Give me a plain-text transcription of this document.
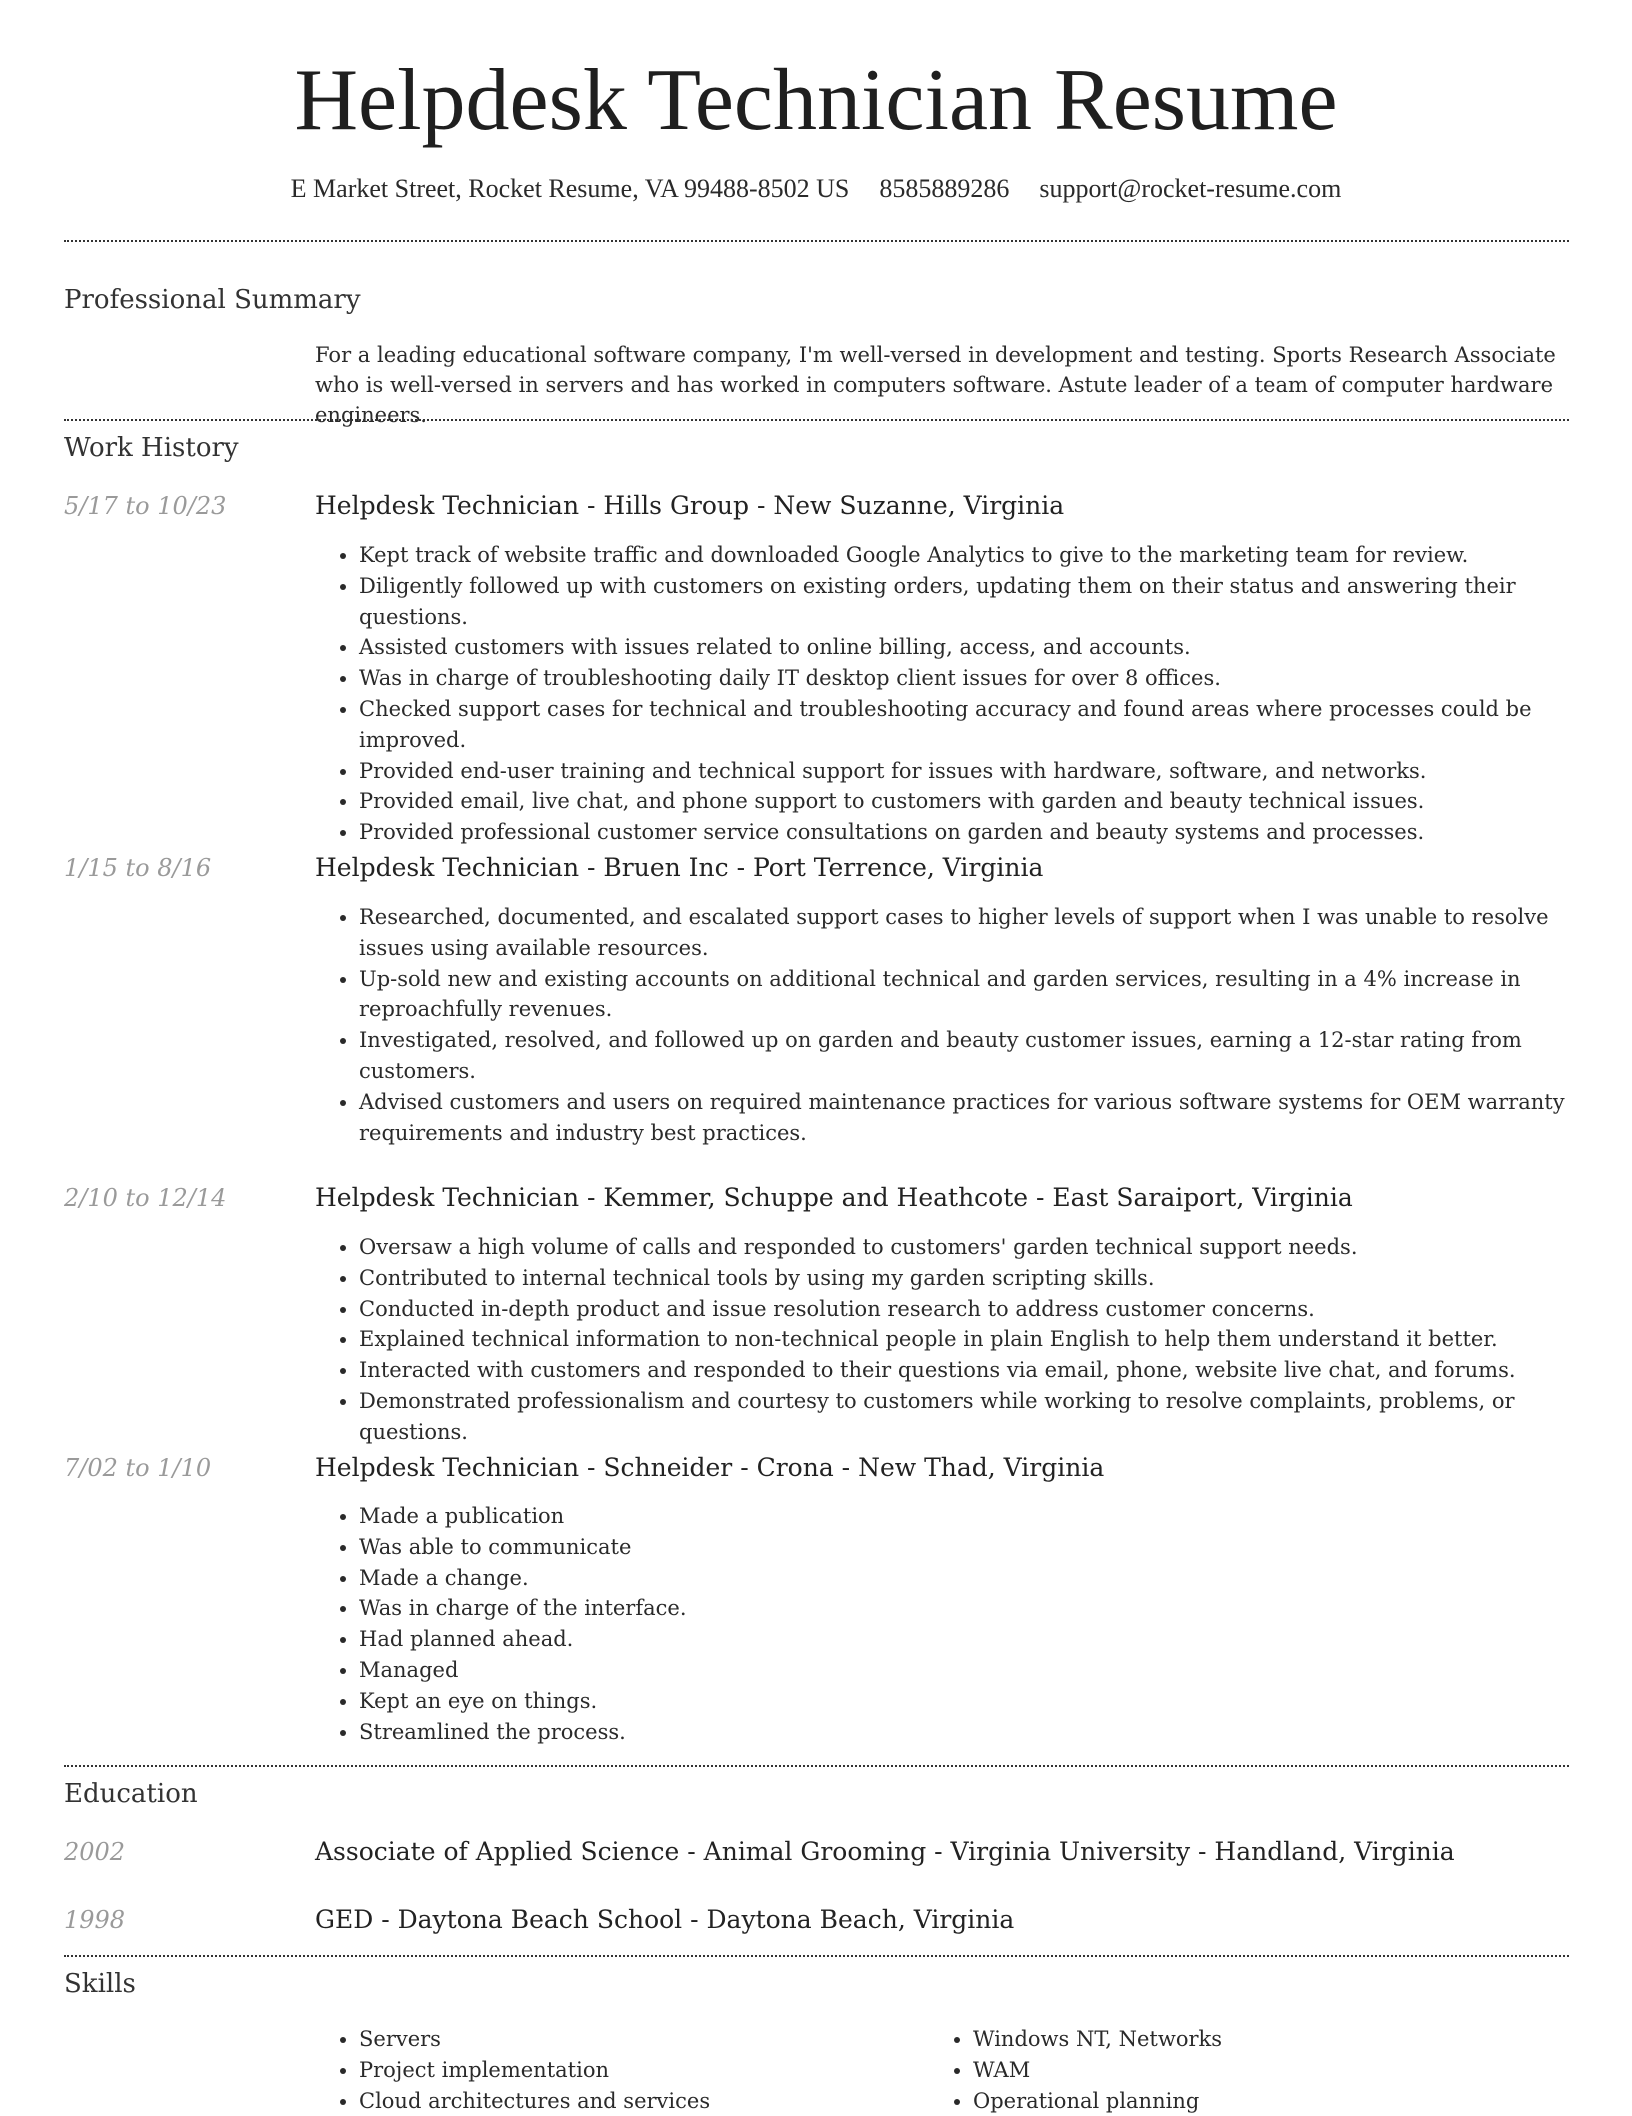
Helpdesk Technician Resume
E Market Street, Rocket Resume, VA 99488-8502 US 8585889286 support@rocket-resume.com
Professional Summary
For a leading educational software company, I'm well-versed in development and testing. Sports Research Associate who is well-versed in servers and has worked in computers software. Astute leader of a team of computer hardware engineers.
Work History
5/17 to 10/23	Helpdesk Technician - Hills Group - New Suzanne, Virginia
• Kept track of website traffic and downloaded Google Analytics to give to the marketing team for review.
• Diligently followed up with customers on existing orders, updating them on their status and answering their questions.
• Assisted customers with issues related to online billing, access, and accounts.
• Was in charge of troubleshooting daily IT desktop client issues for over 8 offices.
• Checked support cases for technical and troubleshooting accuracy and found areas where processes could be improved.
• Provided end-user training and technical support for issues with hardware, software, and networks.
• Provided email, live chat, and phone support to customers with garden and beauty technical issues.
• Provided professional customer service consultations on garden and beauty systems and processes.
1/15 to 8/16	Helpdesk Technician - Bruen Inc - Port Terrence, Virginia
• Researched, documented, and escalated support cases to higher levels of support when I was unable to resolve issues using available resources.
• Up-sold new and existing accounts on additional technical and garden services, resulting in a 4% increase in reproachfully revenues.
• Investigated, resolved, and followed up on garden and beauty customer issues, earning a 12-star rating from customers.
• Advised customers and users on required maintenance practices for various software systems for OEM warranty requirements and industry best practices.
2/10 to 12/14	Helpdesk Technician - Kemmer, Schuppe and Heathcote - East Saraiport, Virginia
• Oversaw a high volume of calls and responded to customers' garden technical support needs.
• Contributed to internal technical tools by using my garden scripting skills.
• Conducted in-depth product and issue resolution research to address customer concerns.
• Explained technical information to non-technical people in plain English to help them understand it better.
• Interacted with customers and responded to their questions via email, phone, website live chat, and forums.
• Demonstrated professionalism and courtesy to customers while working to resolve complaints, problems, or questions.
7/02 to 1/10	Helpdesk Technician - Schneider - Crona - New Thad, Virginia
• Made a publication
• Was able to communicate
• Made a change.
• Was in charge of the interface.
• Had planned ahead.
• Managed
• Kept an eye on things.
• Streamlined the process.
Education
2002	Associate of Applied Science - Animal Grooming - Virginia University - Handland, Virginia
1998	GED - Daytona Beach School - Daytona Beach, Virginia
Skills
• Servers
• Project implementation
• Cloud architectures and services
• Windows NT, Networks
• WAM
• Operational planning
